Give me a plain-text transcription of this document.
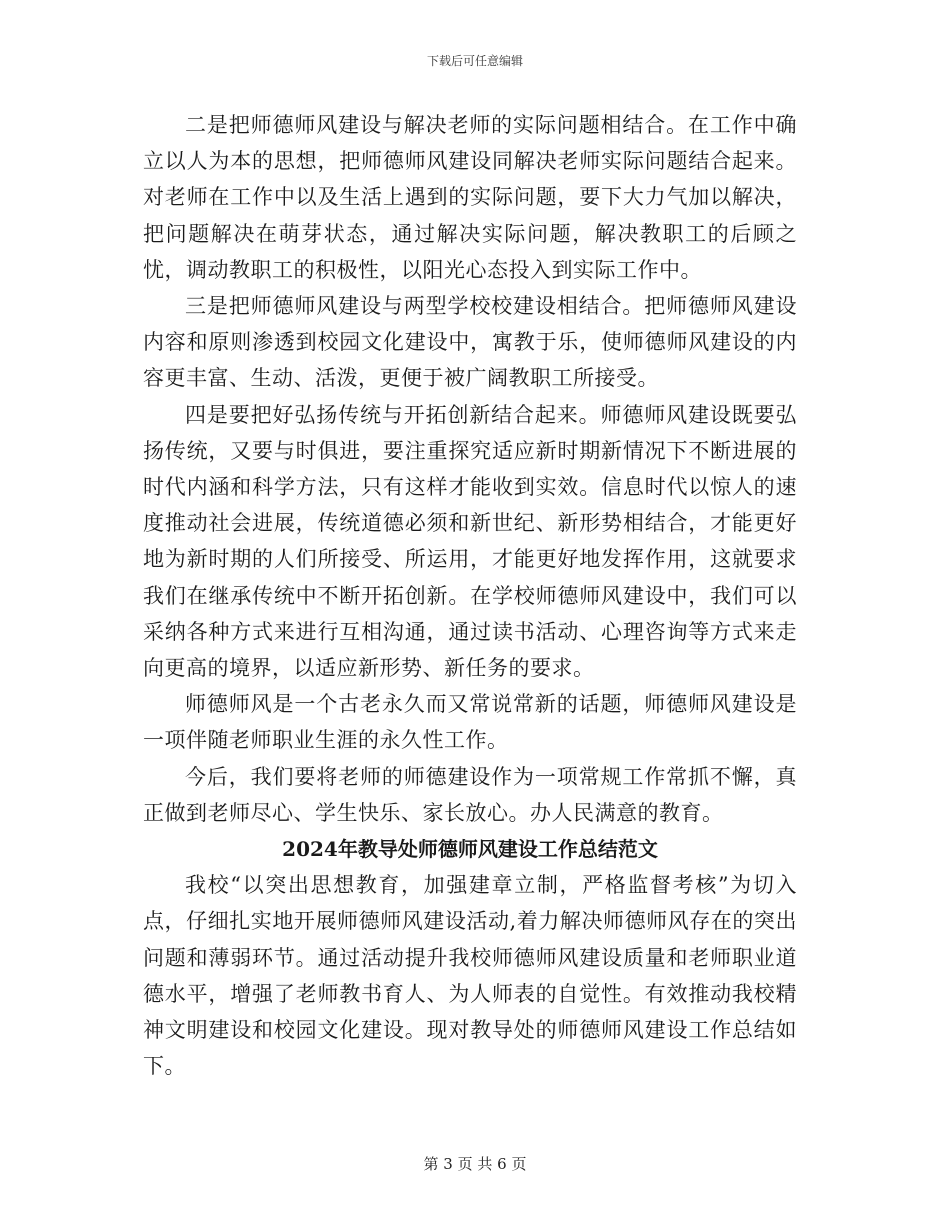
下载后可任意编辑

二是把师德师风建设与解决老师的实际问题相结合。在工作中确立以人为本的思想，把师德师风建设同解决老师实际问题结合起来。对老师在工作中以及生活上遇到的实际问题，要下大力气加以解决，把问题解决在萌芽状态，通过解决实际问题，解决教职工的后顾之忧，调动教职工的积极性，以阳光心态投入到实际工作中。

三是把师德师风建设与两型学校校建设相结合。把师德师风建设内容和原则渗透到校园文化建设中，寓教于乐，使师德师风建设的内容更丰富、生动、活泼，更便于被广阔教职工所接受。

四是要把好弘扬传统与开拓创新结合起来。师德师风建设既要弘扬传统，又要与时俱进，要注重探究适应新时期新情况下不断进展的时代内涵和科学方法，只有这样才能收到实效。信息时代以惊人的速度推动社会进展，传统道德必须和新世纪、新形势相结合，才能更好地为新时期的人们所接受、所运用，才能更好地发挥作用，这就要求我们在继承传统中不断开拓创新。在学校师德师风建设中，我们可以采纳各种方式来进行互相沟通，通过读书活动、心理咨询等方式来走向更高的境界，以适应新形势、新任务的要求。

师德师风是一个古老永久而又常说常新的话题，师德师风建设是一项伴随老师职业生涯的永久性工作。

今后，我们要将老师的师德建设作为一项常规工作常抓不懈，真正做到老师尽心、学生快乐、家长放心。办人民满意的教育。

2024年教导处师德师风建设工作总结范文

我校“以突出思想教育，加强建章立制，严格监督考核”为切入点，仔细扎实地开展师德师风建设活动,着力解决师德师风存在的突出问题和薄弱环节。通过活动提升我校师德师风建设质量和老师职业道德水平，增强了老师教书育人、为人师表的自觉性。有效推动我校精神文明建设和校园文化建设。现对教导处的师德师风建设工作总结如下。

第 3 页 共 6 页
